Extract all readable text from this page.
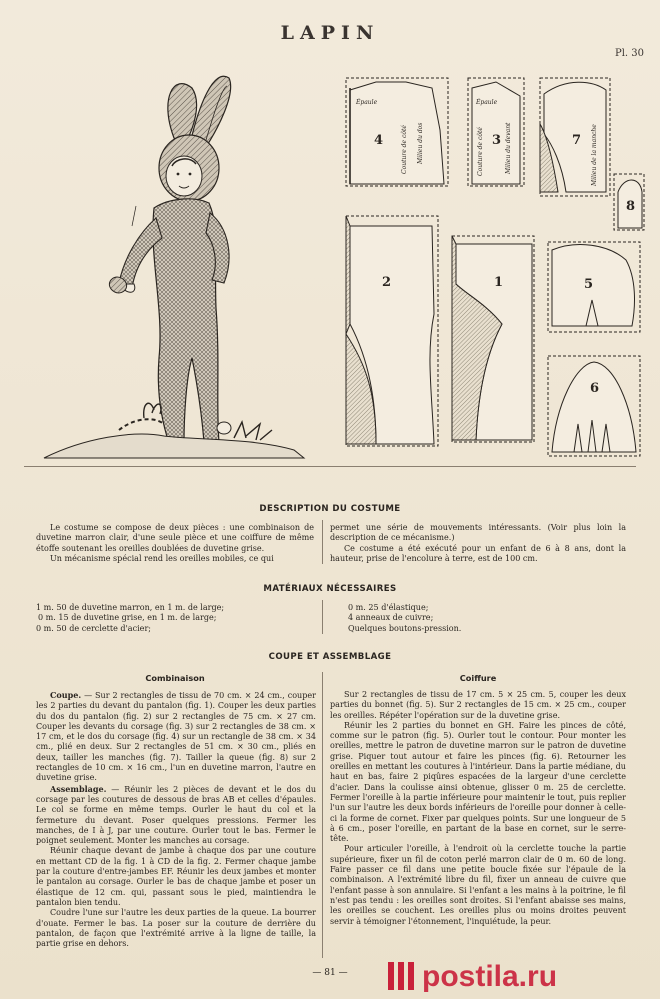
LAPIN
Pl. 30
4	3	7
8
2	1	5
6
Épaule	Épaule
Milieu du dos
Couture de côté	Couture de côté	Milieu du devant	Milieu de la manche
DESCRIPTION DU COSTUME

Le costume se compose de deux pièces : une combinaison de duvetine marron clair, d'une seule pièce et une coiffure de même étoffe soutenant les oreilles doublées de duvetine grise.

Un mécanisme spécial rend les oreilles mobiles, ce qui

permet une série de mouvements intéressants. (Voir plus loin la description de ce mécanisme.)

Ce costume a été exécuté pour un enfant de 6 à 8 ans, dont la hauteur, prise de l'encolure à terre, est de 100 cm.

MATÉRIAUX NÉCESSAIRES
1 m. 50 de duvetine marron, en 1 m. de large;
0 m. 15 de duvetine grise, en 1 m. de large;
0 m. 50 de cerclette d'acier;
0 m. 25 d'élastique;
4 anneaux de cuivre;
Quelques boutons-pression.
COUPE ET ASSEMBLAGE
Combinaison	Coiffure

Coupe. — Sur 2 rectangles de tissu de 70 cm. × 24 cm., couper les 2 parties du devant du pantalon (fig. 1). Couper les deux parties du dos du pantalon (fig. 2) sur 2 rectangles de 75 cm. × 27 cm. Couper les devants du corsage (fig. 3) sur 2 rectangles de 38 cm. × 17 cm, et le dos du corsage (fig. 4) sur un rectangle de 38 cm. × 34 cm., plié en deux. Sur 2 rectangles de 51 cm. × 30 cm., pliés en deux, tailler les manches (fig. 7). Tailler la queue (fig. 8) sur 2 rectangles de 10 cm. × 16 cm., l'un en duvetine marron, l'autre en duvetine grise.

Assemblage. — Réunir les 2 pièces de devant et le dos du corsage par les coutures de dessous de bras AB et celles d'épaules. Le col se forme en même temps. Ourler le haut du col et la fermeture du devant. Poser quelques pressions. Fermer les manches, de I à J, par une couture. Ourler tout le bas. Fermer le poignet seulement. Monter les manches au corsage.

Réunir chaque devant de jambe à chaque dos par une couture en mettant CD de la fig. 1 à CD de la fig. 2. Fermer chaque jambe par la couture d'entre-jambes EF. Réunir les deux jambes et monter le pantalon au corsage. Ourler le bas de chaque jambe et poser un élastique de 12 cm. qui, passant sous le pied, maintiendra le pantalon bien tendu.

Coudre l'une sur l'autre les deux parties de la queue. La bourrer d'ouate. Fermer le bas. La poser sur la couture de derrière du pantalon, de façon que l'extrémité arrive à la ligne de taille, la partie grise en dehors.

Sur 2 rectangles de tissu de 17 cm. 5 × 25 cm. 5, couper les deux parties du bonnet (fig. 5). Sur 2 rectangles de 15 cm. × 25 cm., couper les oreilles. Répéter l'opération sur de la duvetine grise.

Réunir les 2 parties du bonnet en GH. Faire les pinces de côté, comme sur le patron (fig. 5). Ourler tout le contour. Pour monter les oreilles, mettre le patron de duvetine marron sur le patron de duvetine grise. Piquer tout autour et faire les pinces (fig. 6). Retourner les oreilles en mettant les coutures à l'intérieur. Dans la partie médiane, du haut en bas, faire 2 piqûres espacées de la largeur d'une cerclette d'acier. Dans la coulisse ainsi obtenue, glisser 0 m. 25 de cerclette. Fermer l'oreille à la partie inférieure pour maintenir le tout, puis replier l'un sur l'autre les deux bords inférieurs de l'oreille pour donner à celle-ci la forme de cornet. Fixer par quelques points. Sur une longueur de 5 à 6 cm., poser l'oreille, en partant de la base en cornet, sur le serre-tête.

Pour articuler l'oreille, à l'endroit où la cerclette touche la partie supérieure, fixer un fil de coton perlé marron clair de 0 m. 60 de long. Faire passer ce fil dans une petite boucle fixée sur l'épaule de la combinaison. A l'extrémité libre du fil, fixer un anneau de cuivre que l'enfant passe à son annulaire. Si l'enfant a les mains à la poitrine, le fil n'est pas tendu : les oreilles sont droites. Si l'enfant abaisse ses mains, les oreilles se couchent. Les oreilles plus ou moins droites peuvent servir à témoigner l'étonnement, l'inquiétude, la peur.

— 81 —	postila.ru
